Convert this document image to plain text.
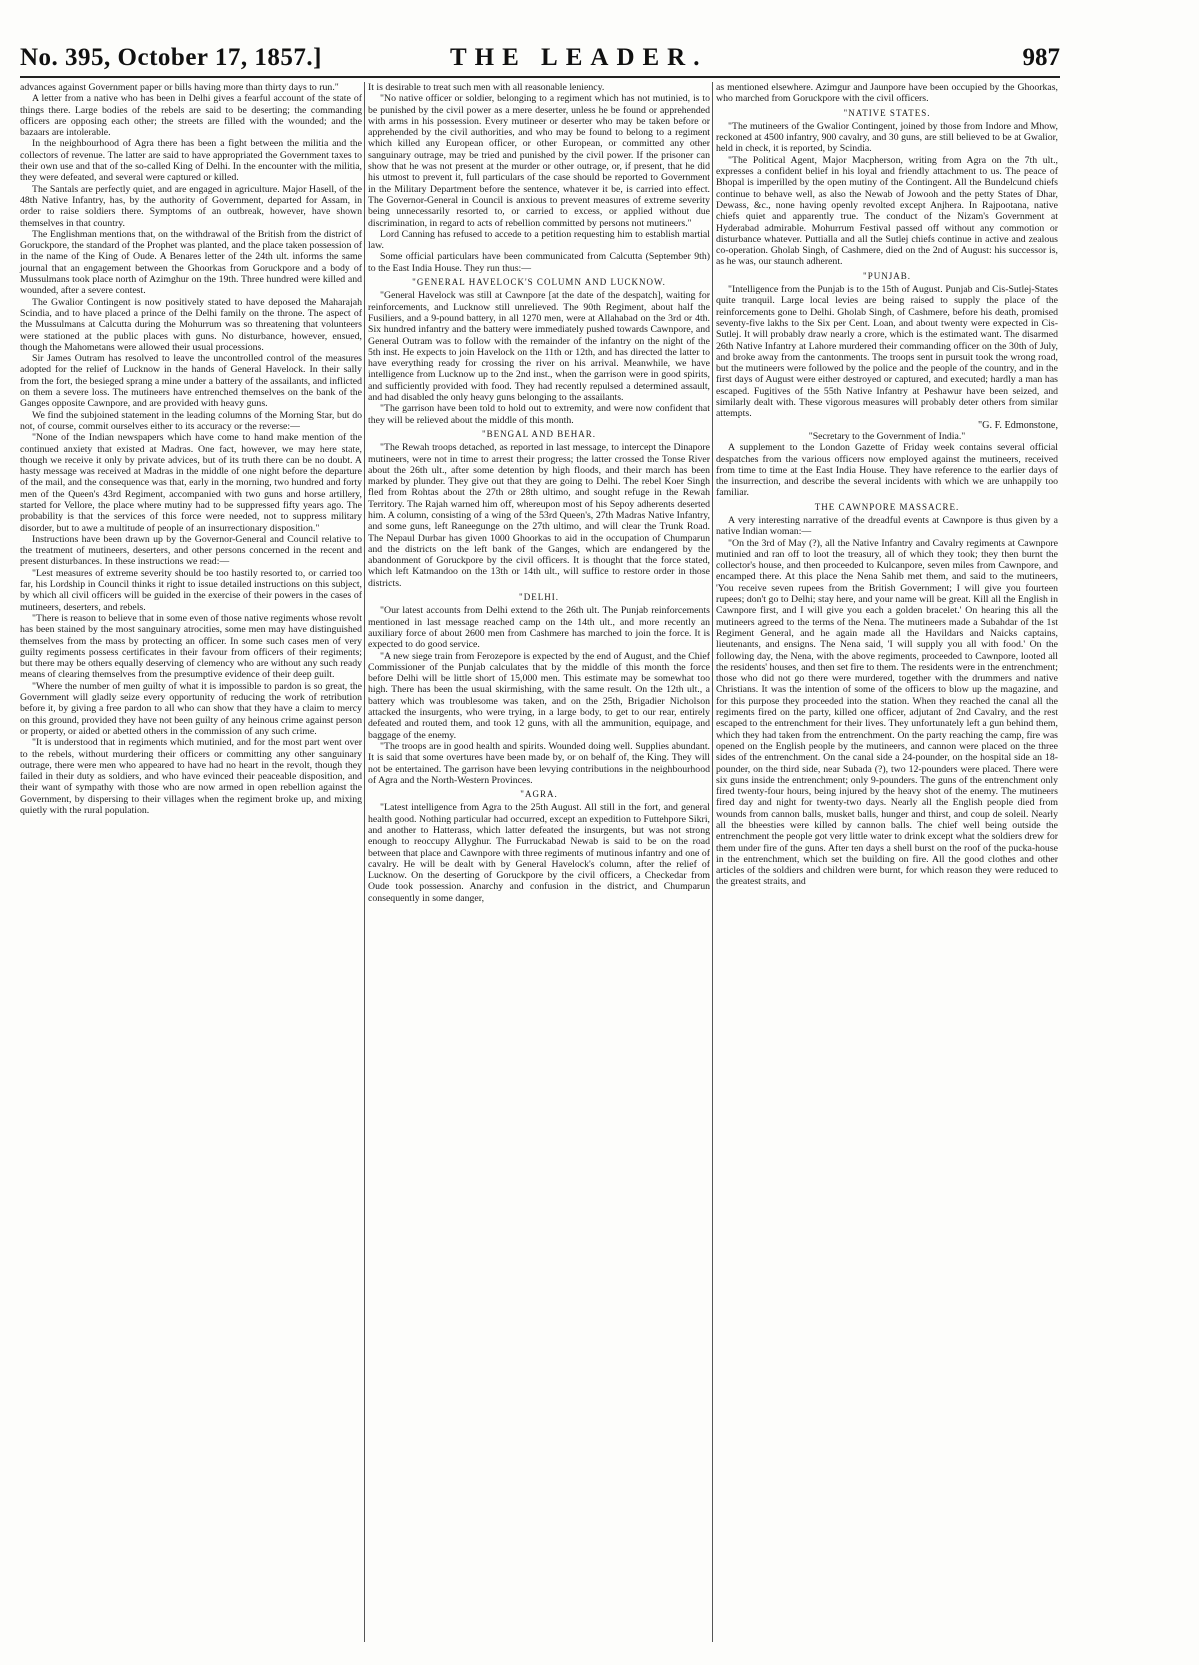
No. 395, October 17, 1857.]	THE LEADER.	987

advances against Government paper or bills having more than thirty days to run."

A letter from a native who has been in Delhi gives a fearful account of the state of things there. Large bodies of the rebels are said to be deserting; the commanding officers are opposing each other; the streets are filled with the wounded; and the bazaars are intolerable.

In the neighbourhood of Agra there has been a fight between the militia and the collectors of revenue. The latter are said to have appropriated the Government taxes to their own use and that of the so-called King of Delhi. In the encounter with the militia, they were defeated, and several were captured or killed.

The Santals are perfectly quiet, and are engaged in agriculture. Major Hasell, of the 48th Native Infantry, has, by the authority of Government, departed for Assam, in order to raise soldiers there. Symptoms of an outbreak, however, have shown themselves in that country.

The Englishman mentions that, on the withdrawal of the British from the district of Goruckpore, the standard of the Prophet was planted, and the place taken possession of in the name of the King of Oude. A Benares letter of the 24th ult. informs the same journal that an engagement between the Ghoorkas from Goruckpore and a body of Mussulmans took place north of Azimghur on the 19th. Three hundred were killed and wounded, after a severe contest.

The Gwalior Contingent is now positively stated to have deposed the Maharajah Scindia, and to have placed a prince of the Delhi family on the throne. The aspect of the Mussulmans at Calcutta during the Mohurrum was so threatening that volunteers were stationed at the public places with guns. No disturbance, however, ensued, though the Mahometans were allowed their usual processions.

Sir James Outram has resolved to leave the uncontrolled control of the measures adopted for the relief of Lucknow in the hands of General Havelock. In their sally from the fort, the besieged sprang a mine under a battery of the assailants, and inflicted on them a severe loss. The mutineers have entrenched themselves on the bank of the Ganges opposite Cawnpore, and are provided with heavy guns.

We find the subjoined statement in the leading columns of the Morning Star, but do not, of course, commit ourselves either to its accuracy or the reverse:—

"None of the Indian newspapers which have come to hand make mention of the continued anxiety that existed at Madras. One fact, however, we may here state, though we receive it only by private advices, but of its truth there can be no doubt. A hasty message was received at Madras in the middle of one night before the departure of the mail, and the consequence was that, early in the morning, two hundred and forty men of the Queen's 43rd Regiment, accompanied with two guns and horse artillery, started for Vellore, the place where mutiny had to be suppressed fifty years ago. The probability is that the services of this force were needed, not to suppress military disorder, but to awe a multitude of people of an insurrectionary disposition."

Instructions have been drawn up by the Governor-General and Council relative to the treatment of mutineers, deserters, and other persons concerned in the recent and present disturbances. In these instructions we read:—

"Lest measures of extreme severity should be too hastily resorted to, or carried too far, his Lordship in Council thinks it right to issue detailed instructions on this subject, by which all civil officers will be guided in the exercise of their powers in the cases of mutineers, deserters, and rebels.

"There is reason to believe that in some even of those native regiments whose revolt has been stained by the most sanguinary atrocities, some men may have distinguished themselves from the mass by protecting an officer. In some such cases men of very guilty regiments possess certificates in their favour from officers of their regiments; but there may be others equally deserving of clemency who are without any such ready means of clearing themselves from the presumptive evidence of their deep guilt.

"Where the number of men guilty of what it is impossible to pardon is so great, the Government will gladly seize every opportunity of reducing the work of retribution before it, by giving a free pardon to all who can show that they have a claim to mercy on this ground, provided they have not been guilty of any heinous crime against person or property, or aided or abetted others in the commission of any such crime.

"It is understood that in regiments which mutinied, and for the most part went over to the rebels, without murdering their officers or committing any other sanguinary outrage, there were men who appeared to have had no heart in the revolt, though they failed in their duty as soldiers, and who have evinced their peaceable disposition, and their want of sympathy with those who are now armed in open rebellion against the Government, by dispersing to their villages when the regiment broke up, and mixing quietly with the rural population.

It is desirable to treat such men with all reasonable leniency.

"No native officer or soldier, belonging to a regiment which has not mutinied, is to be punished by the civil power as a mere deserter, unless he be found or apprehended with arms in his possession. Every mutineer or deserter who may be taken before or apprehended by the civil authorities, and who may be found to belong to a regiment which killed any European officer, or other European, or committed any other sanguinary outrage, may be tried and punished by the civil power. If the prisoner can show that he was not present at the murder or other outrage, or, if present, that he did his utmost to prevent it, full particulars of the case should be reported to Government in the Military Department before the sentence, whatever it be, is carried into effect. The Governor-General in Council is anxious to prevent measures of extreme severity being unnecessarily resorted to, or carried to excess, or applied without due discrimination, in regard to acts of rebellion committed by persons not mutineers."

Lord Canning has refused to accede to a petition requesting him to establish martial law.

Some official particulars have been communicated from Calcutta (September 9th) to the East India House. They run thus:—

"GENERAL HAVELOCK'S COLUMN AND LUCKNOW.

"General Havelock was still at Cawnpore [at the date of the despatch], waiting for reinforcements, and Lucknow still unrelieved. The 90th Regiment, about half the Fusiliers, and a 9-pound battery, in all 1270 men, were at Allahabad on the 3rd or 4th. Six hundred infantry and the battery were immediately pushed towards Cawnpore, and General Outram was to follow with the remainder of the infantry on the night of the 5th inst. He expects to join Havelock on the 11th or 12th, and has directed the latter to have everything ready for crossing the river on his arrival. Meanwhile, we have intelligence from Lucknow up to the 2nd inst., when the garrison were in good spirits, and sufficiently provided with food. They had recently repulsed a determined assault, and had disabled the only heavy guns belonging to the assailants.

"The garrison have been told to hold out to extremity, and were now confident that they will be relieved about the middle of this month.

"BENGAL AND BEHAR.

"The Rewah troops detached, as reported in last message, to intercept the Dinapore mutineers, were not in time to arrest their progress; the latter crossed the Tonse River about the 26th ult., after some detention by high floods, and their march has been marked by plunder. They give out that they are going to Delhi. The rebel Koer Singh fled from Rohtas about the 27th or 28th ultimo, and sought refuge in the Rewah Territory. The Rajah warned him off, whereupon most of his Sepoy adherents deserted him. A column, consisting of a wing of the 53rd Queen's, 27th Madras Native Infantry, and some guns, left Raneegunge on the 27th ultimo, and will clear the Trunk Road. The Nepaul Durbar has given 1000 Ghoorkas to aid in the occupation of Chumparun and the districts on the left bank of the Ganges, which are endangered by the abandonment of Goruckpore by the civil officers. It is thought that the force stated, which left Katmandoo on the 13th or 14th ult., will suffice to restore order in those districts.

"DELHI.

"Our latest accounts from Delhi extend to the 26th ult. The Punjab reinforcements mentioned in last message reached camp on the 14th ult., and more recently an auxiliary force of about 2600 men from Cashmere has marched to join the force. It is expected to do good service.

"A new siege train from Ferozepore is expected by the end of August, and the Chief Commissioner of the Punjab calculates that by the middle of this month the force before Delhi will be little short of 15,000 men. This estimate may be somewhat too high. There has been the usual skirmishing, with the same result. On the 12th ult., a battery which was troublesome was taken, and on the 25th, Brigadier Nicholson attacked the insurgents, who were trying, in a large body, to get to our rear, entirely defeated and routed them, and took 12 guns, with all the ammunition, equipage, and baggage of the enemy.

"The troops are in good health and spirits. Wounded doing well. Supplies abundant. It is said that some overtures have been made by, or on behalf of, the King. They will not be entertained. The garrison have been levying contributions in the neighbourhood of Agra and the North-Western Provinces.

"AGRA.

"Latest intelligence from Agra to the 25th August. All still in the fort, and general health good. Nothing particular had occurred, except an expedition to Futtehpore Sikri, and another to Hatterass, which latter defeated the insurgents, but was not strong enough to reoccupy Allyghur. The Furruckabad Newab is said to be on the road between that place and Cawnpore with three regiments of mutinous infantry and one of cavalry. He will be dealt with by General Havelock's column, after the relief of Lucknow. On the deserting of Goruckpore by the civil officers, a Checkedar from Oude took possession. Anarchy and confusion in the district, and Chumparun consequently in some danger,

as mentioned elsewhere. Azimgur and Jaunpore have been occupied by the Ghoorkas, who marched from Goruckpore with the civil officers.

"NATIVE STATES.

"The mutineers of the Gwalior Contingent, joined by those from Indore and Mhow, reckoned at 4500 infantry, 900 cavalry, and 30 guns, are still believed to be at Gwalior, held in check, it is reported, by Scindia.

"The Political Agent, Major Macpherson, writing from Agra on the 7th ult., expresses a confident belief in his loyal and friendly attachment to us. The peace of Bhopal is imperilled by the open mutiny of the Contingent. All the Bundelcund chiefs continue to behave well, as also the Newab of Jowooh and the petty States of Dhar, Dewass, &c., none having openly revolted except Anjhera. In Rajpootana, native chiefs quiet and apparently true. The conduct of the Nizam's Government at Hyderabad admirable. Mohurrum Festival passed off without any commotion or disturbance whatever. Puttialla and all the Sutlej chiefs continue in active and zealous co-operation. Gholab Singh, of Cashmere, died on the 2nd of August: his successor is, as he was, our staunch adherent.

"PUNJAB.

"Intelligence from the Punjab is to the 15th of August. Punjab and Cis-Sutlej-States quite tranquil. Large local levies are being raised to supply the place of the reinforcements gone to Delhi. Gholab Singh, of Cashmere, before his death, promised seventy-five lakhs to the Six per Cent. Loan, and about twenty were expected in Cis-Sutlej. It will probably draw nearly a crore, which is the estimated want. The disarmed 26th Native Infantry at Lahore murdered their commanding officer on the 30th of July, and broke away from the cantonments. The troops sent in pursuit took the wrong road, but the mutineers were followed by the police and the people of the country, and in the first days of August were either destroyed or captured, and executed; hardly a man has escaped. Fugitives of the 55th Native Infantry at Peshawur have been seized, and similarly dealt with. These vigorous measures will probably deter others from similar attempts.

"G. F. Edmonstone,

"Secretary to the Government of India."

A supplement to the London Gazette of Friday week contains several official despatches from the various officers now employed against the mutineers, received from time to time at the East India House. They have reference to the earlier days of the insurrection, and describe the several incidents with which we are unhappily too familiar.

THE CAWNPORE MASSACRE.

A very interesting narrative of the dreadful events at Cawnpore is thus given by a native Indian woman:—

"On the 3rd of May (?), all the Native Infantry and Cavalry regiments at Cawnpore mutinied and ran off to loot the treasury, all of which they took; they then burnt the collector's house, and then proceeded to Kulcanpore, seven miles from Cawnpore, and encamped there. At this place the Nena Sahib met them, and said to the mutineers, 'You receive seven rupees from the British Government; I will give you fourteen rupees; don't go to Delhi; stay here, and your name will be great. Kill all the English in Cawnpore first, and I will give you each a golden bracelet.' On hearing this all the mutineers agreed to the terms of the Nena. The mutineers made a Subahdar of the 1st Regiment General, and he again made all the Havildars and Naicks captains, lieutenants, and ensigns. The Nena said, 'I will supply you all with food.' On the following day, the Nena, with the above regiments, proceeded to Cawnpore, looted all the residents' houses, and then set fire to them. The residents were in the entrenchment; those who did not go there were murdered, together with the drummers and native Christians. It was the intention of some of the officers to blow up the magazine, and for this purpose they proceeded into the station. When they reached the canal all the regiments fired on the party, killed one officer, adjutant of 2nd Cavalry, and the rest escaped to the entrenchment for their lives. They unfortunately left a gun behind them, which they had taken from the entrenchment. On the party reaching the camp, fire was opened on the English people by the mutineers, and cannon were placed on the three sides of the entrenchment. On the canal side a 24-pounder, on the hospital side an 18-pounder, on the third side, near Subada (?), two 12-pounders were placed. There were six guns inside the entrenchment; only 9-pounders. The guns of the entrenchment only fired twenty-four hours, being injured by the heavy shot of the enemy. The mutineers fired day and night for twenty-two days. Nearly all the English people died from wounds from cannon balls, musket balls, hunger and thirst, and coup de soleil. Nearly all the bheesties were killed by cannon balls. The chief well being outside the entrenchment the people got very little water to drink except what the soldiers drew for them under fire of the guns. After ten days a shell burst on the roof of the pucka-house in the entrenchment, which set the building on fire. All the good clothes and other articles of the soldiers and children were burnt, for which reason they were reduced to the greatest straits, and
